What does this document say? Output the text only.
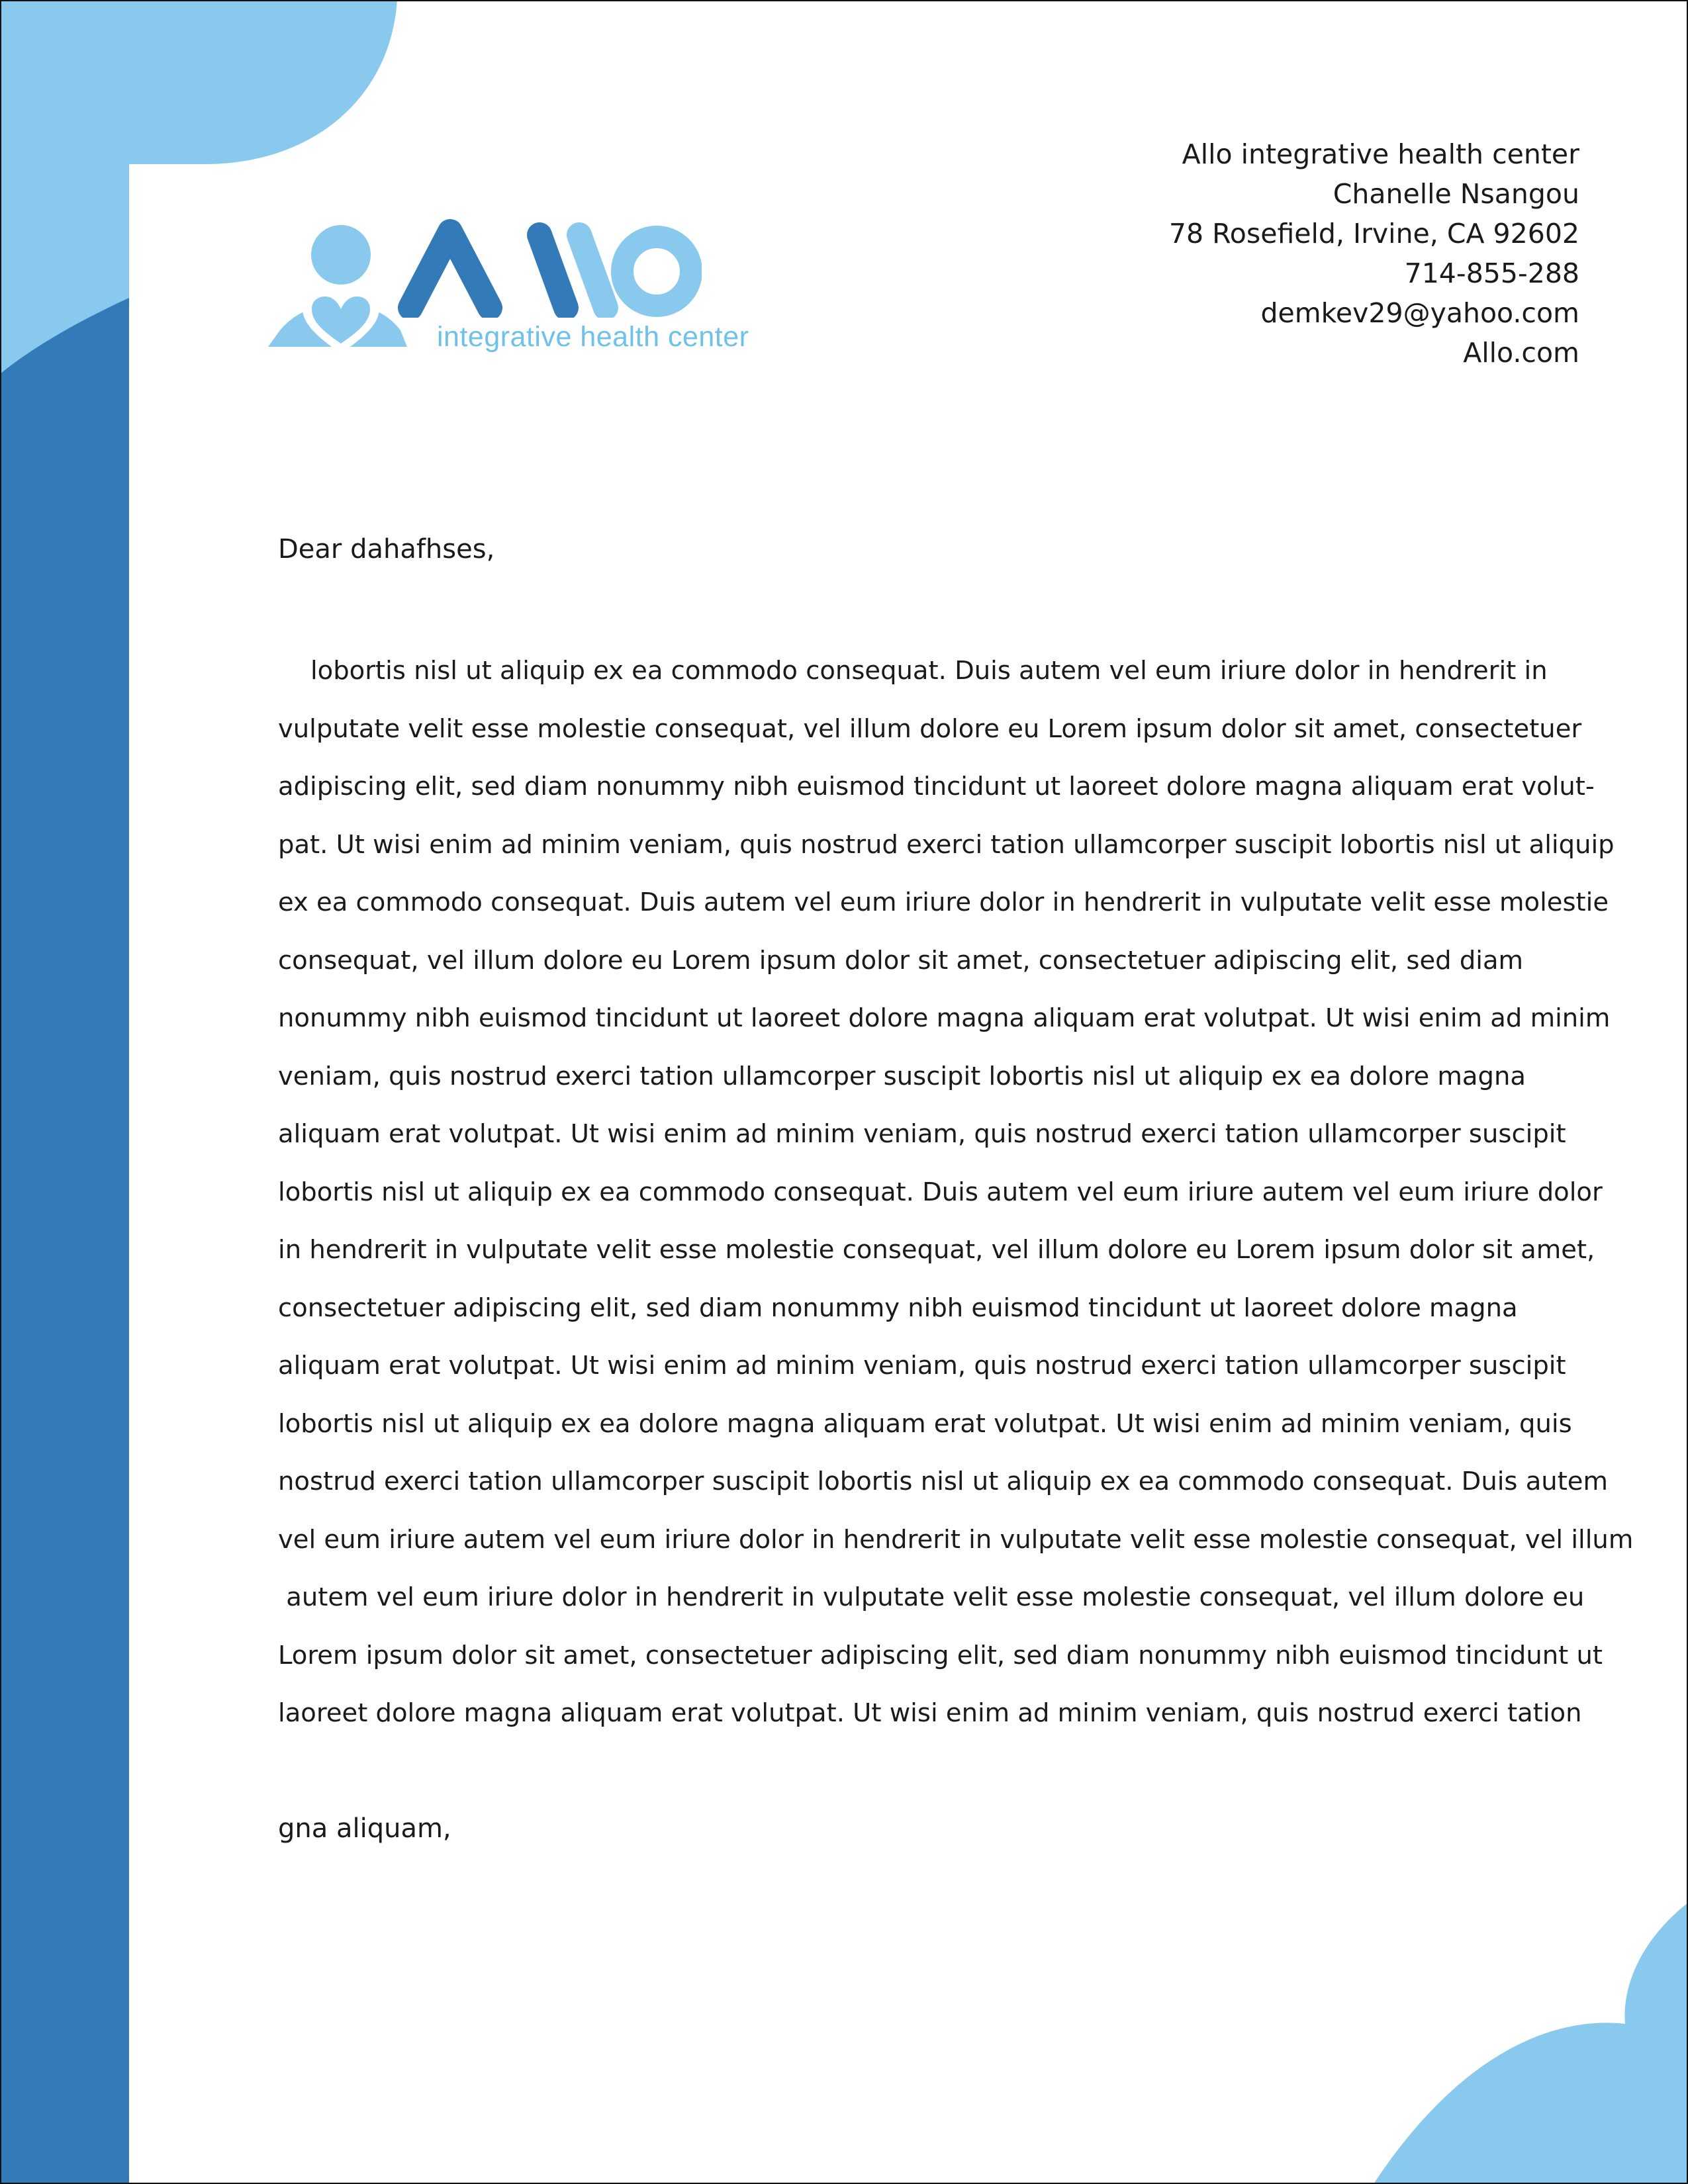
integrative health center
Allo integrative health center
Chanelle Nsangou
78 Rosefield, Irvine, CA 92602
714-855-288
demkev29@yahoo.com
Allo.com
Dear dahafhses,
lobortis nisl ut aliquip ex ea commodo consequat. Duis autem vel eum iriure dolor in hendrerit in
vulputate velit esse molestie consequat, vel illum dolore eu Lorem ipsum dolor sit amet, consectetuer
adipiscing elit, sed diam nonummy nibh euismod tincidunt ut laoreet dolore magna aliquam erat volut-
pat. Ut wisi enim ad minim veniam, quis nostrud exerci tation ullamcorper suscipit lobortis nisl ut aliquip
ex ea commodo consequat. Duis autem vel eum iriure dolor in hendrerit in vulputate velit esse molestie
consequat, vel illum dolore eu Lorem ipsum dolor sit amet, consectetuer adipiscing elit, sed diam
nonummy nibh euismod tincidunt ut laoreet dolore magna aliquam erat volutpat. Ut wisi enim ad minim
veniam, quis nostrud exerci tation ullamcorper suscipit lobortis nisl ut aliquip ex ea dolore magna
aliquam erat volutpat. Ut wisi enim ad minim veniam, quis nostrud exerci tation ullamcorper suscipit
lobortis nisl ut aliquip ex ea commodo consequat. Duis autem vel eum iriure autem vel eum iriure dolor
in hendrerit in vulputate velit esse molestie consequat, vel illum dolore eu Lorem ipsum dolor sit amet,
consectetuer adipiscing elit, sed diam nonummy nibh euismod tincidunt ut laoreet dolore magna
aliquam erat volutpat. Ut wisi enim ad minim veniam, quis nostrud exerci tation ullamcorper suscipit
lobortis nisl ut aliquip ex ea dolore magna aliquam erat volutpat. Ut wisi enim ad minim veniam, quis
nostrud exerci tation ullamcorper suscipit lobortis nisl ut aliquip ex ea commodo consequat. Duis autem
vel eum iriure autem vel eum iriure dolor in hendrerit in vulputate velit esse molestie consequat, vel illum
autem vel eum iriure dolor in hendrerit in vulputate velit esse molestie consequat, vel illum dolore eu
Lorem ipsum dolor sit amet, consectetuer adipiscing elit, sed diam nonummy nibh euismod tincidunt ut
laoreet dolore magna aliquam erat volutpat. Ut wisi enim ad minim veniam, quis nostrud exerci tation
gna aliquam,
